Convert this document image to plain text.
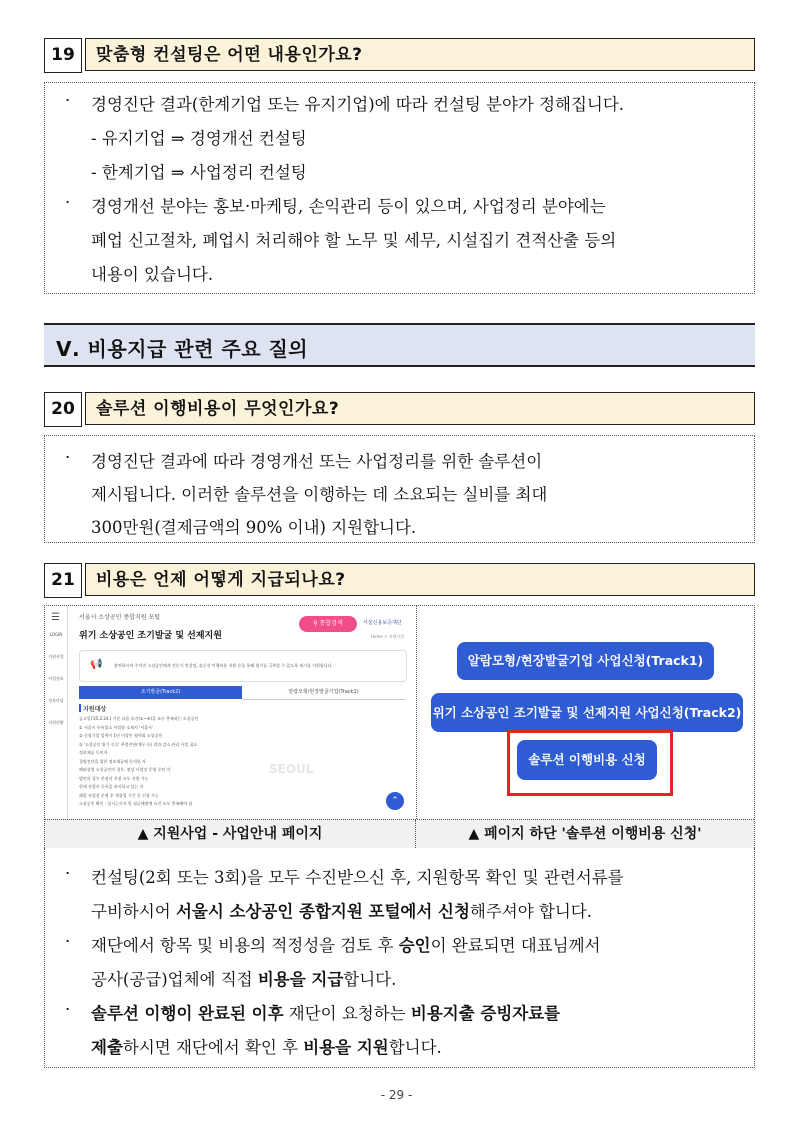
19	맞춤형 컨설팅은 어떤 내용인가요?
· 경영진단 결과(한계기업 또는 유지기업)에 따라 컨설팅 분야가 정해집니다.
- 유지기업 ⇒ 경영개선 컨설팅
- 한계기업 ⇒ 사업정리 컨설팅
· 경영개선 분야는 홍보·마케팅, 손익관리 등이 있으며, 사업정리 분야에는
폐업 신고절차, 폐업시 처리해야 할 노무 및 세무, 시설집기 견적산출 등의
내용이 있습니다.
Ⅴ. 비용지급 관련 주요 질의
20	솔루션 이행비용이 무엇인가요?
· 경영진단 결과에 따라 경영개선 또는 사업정리를 위한 솔루션이
제시됩니다. 이러한 솔루션을 이행하는 데 소요되는 실비를 최대
300만원(결제금액의 90% 이내) 지원합니다.
21	비용은 언제 어떻게 지급되나요?
☰
LOGIN
지원사업
사업정보
정보마당
지원현황
서울시 소상공인 종합지원 포털
위기 소상공인 조기발굴 및 선제지원
⚲ 통합검색	서울신용보증재단
Home > 지원사업
📢	관련하시어 주어진 소상공인에게 전문가 컨설팅, 솔루션 이행비용 지원 등을 통해 위기를 극복할 수 있도록 재기를 지원합니다.
조기발굴(Track2)	알람모형/현장발굴기업(Track1)
지원대상
공고일('25.2.24.) 기준 다음 요건(①~④)을 모두 충족하는 소상공인
① 서울시 등록업소 사업장 소재지 '서울시'
② 신청기업 업력이 1년 이상인 협력회 소상공인
③ '소상공인 위기 신호' 추정진단(재무 등) 결과 감소 관리 사업 필요
정보제공 동의자
경영진단을 위한 정보제공에 동의한 자
해외창업 소상공인의 경우, 정상 사업장 운영 중인 자
법인의 경우 본점의 지점 모두 지원 가능
현재 사업자 등록을 유지하고 있는 자
폐업 사업장 운영 후 재창업 기간 중 신청 가능
소상공인 확인 : 상시근로자 및 평균매출액 요건 모두 충족해야 함
SEOUL
⌃
알람모형/현장발굴기업 사업신청(Track1)
위기 소상공인 조기발굴 및 선제지원 사업신청(Track2)
솔루션 이행비용 신청
▲ 지원사업 - 사업안내 페이지	▲ 페이지 하단 '솔루션 이행비용 신청'
· 컨설팅(2회 또는 3회)을 모두 수진받으신 후, 지원항목 확인 및 관련서류를
구비하시어 서울시 소상공인 종합지원 포털에서 신청해주셔야 합니다.
· 재단에서 항목 및 비용의 적정성을 검토 후 승인이 완료되면 대표님께서
공사(공급)업체에 직접 비용을 지급합니다.
· 솔루션 이행이 완료된 이후 재단이 요청하는 비용지출 증빙자료를
제출하시면 재단에서 확인 후 비용을 지원합니다.
- 29 -
